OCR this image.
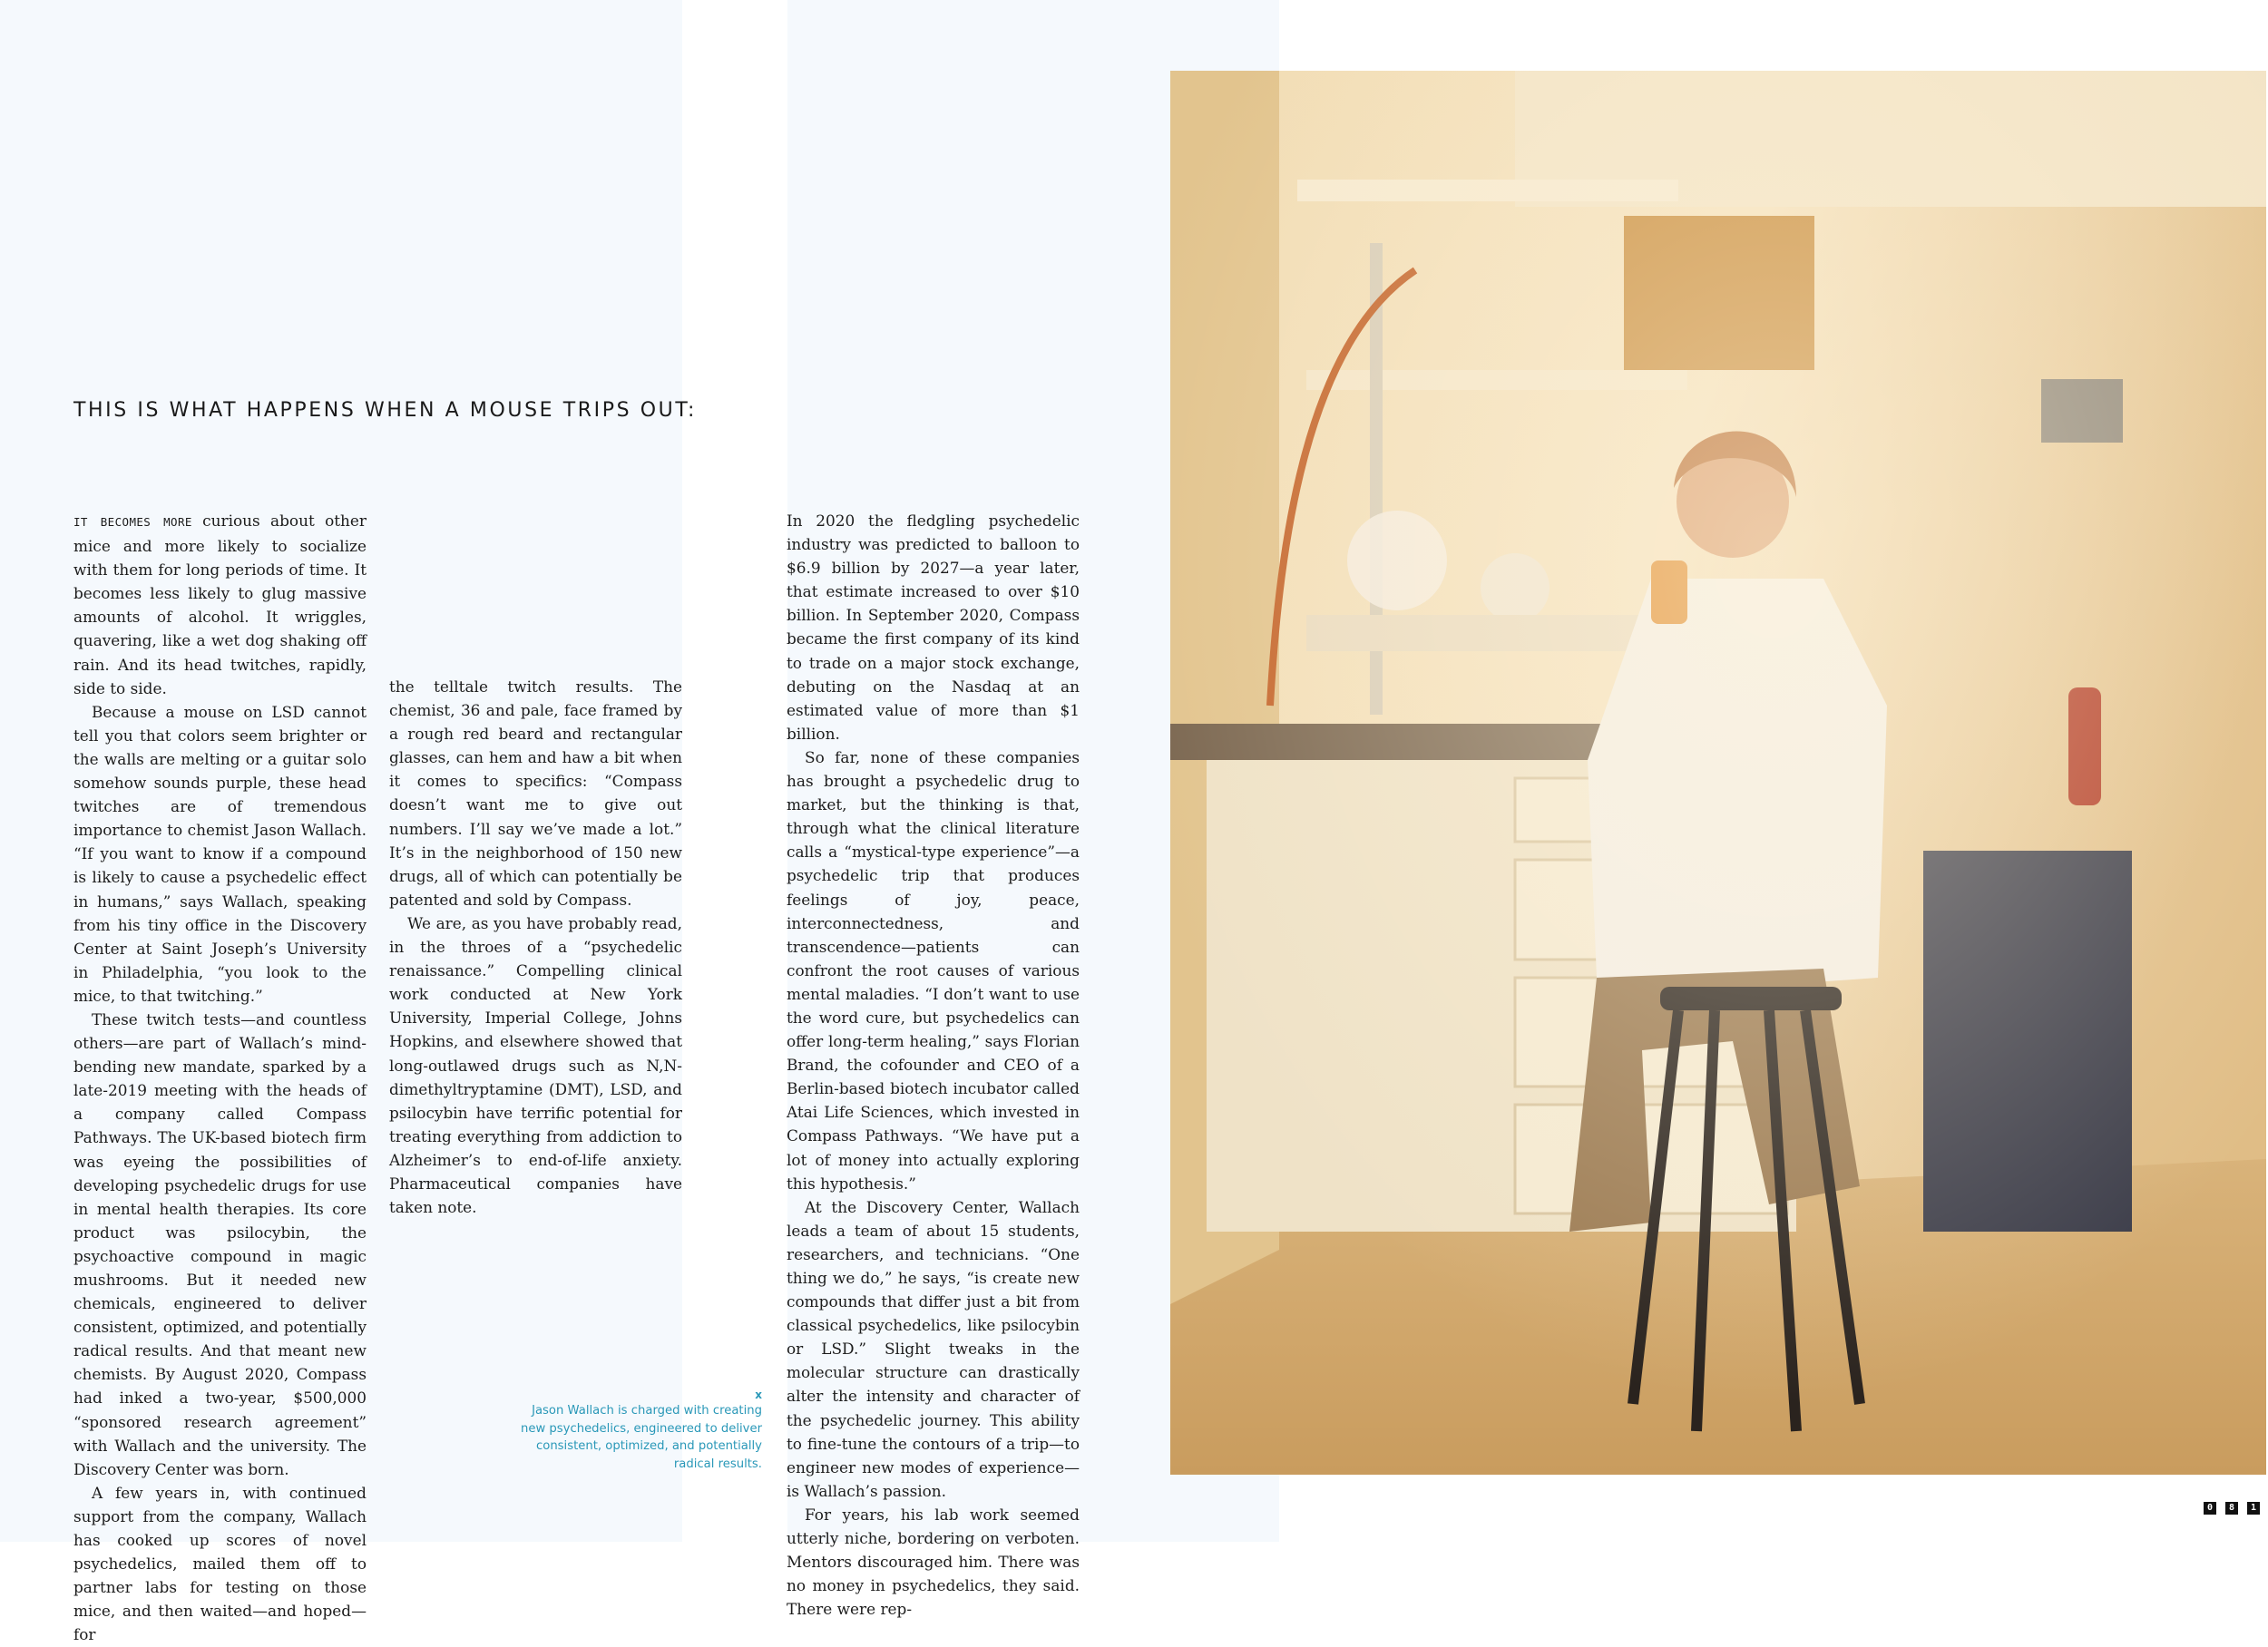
THIS IS WHAT HAPPENS WHEN A MOUSE TRIPS OUT:

IT BECOMES MORE curious about other mice and more likely to socialize with them for long periods of time. It becomes less likely to glug massive amounts of alcohol. It wriggles, quavering, like a wet dog shaking off rain. And its head twitches, rapidly, side to side.

Because a mouse on LSD cannot tell you that colors seem brighter or the walls are melting or a guitar solo somehow sounds purple, these head twitches are of tremendous importance to chemist Jason Wallach. “If you want to know if a compound is likely to cause a psychedelic effect in humans,” says Wallach, speaking from his tiny office in the Discovery Center at Saint Joseph’s University in Philadelphia, “you look to the mice, to that twitching.”

These twitch tests—and countless others—are part of Wallach’s mind-bending new mandate, sparked by a late-2019 meeting with the heads of a company called Compass Pathways. The UK-based biotech firm was eyeing the possibilities of developing psychedelic drugs for use in mental health therapies. Its core product was psilocybin, the psychoactive compound in magic mushrooms. But it needed new chemicals, engineered to deliver consistent, optimized, and potentially radical results. And that meant new chemists. By August 2020, Compass had inked a two-year, $500,000 “sponsored research agreement” with Wallach and the university. The Discovery Center was born.

A few years in, with continued support from the company, Wallach has cooked up scores of novel psychedelics, mailed them off to partner labs for testing on those mice, and then waited—and hoped—for

the telltale twitch results. The chemist, 36 and pale, face framed by a rough red beard and rectangular glasses, can hem and haw a bit when it comes to specifics: “Compass doesn’t want me to give out numbers. I’ll say we’ve made a lot.” It’s in the neighborhood of 150 new drugs, all of which can potentially be patented and sold by Compass.

We are, as you have probably read, in the throes of a “psychedelic renaissance.” Compelling clinical work conducted at New York University, Imperial College, Johns Hopkins, and elsewhere showed that long-outlawed drugs such as N,N-dimethyltryptamine (DMT), LSD, and psilocybin have terrific potential for treating everything from addiction to Alzheimer’s to end-of-life anxiety. Pharmaceutical companies have taken note.

In 2020 the fledgling psychedelic industry was predicted to balloon to $6.9 billion by 2027—a year later, that estimate increased to over $10 billion. In September 2020, Compass became the first company of its kind to trade on a major stock exchange, debuting on the Nasdaq at an estimated value of more than $1 billion.

So far, none of these companies has brought a psychedelic drug to market, but the thinking is that, through what the clinical literature calls a “mystical-type experience”—a psychedelic trip that produces feelings of joy, peace, interconnectedness, and transcendence—patients can confront the root causes of various mental maladies. “I don’t want to use the word cure, but psychedelics can offer long-term healing,” says Florian Brand, the cofounder and CEO of a Berlin-based biotech incubator called Atai Life Sciences, which invested in Compass Pathways. “We have put a lot of money into actually exploring this hypothesis.”

At the Discovery Center, Wallach leads a team of about 15 students, researchers, and technicians. “One thing we do,” he says, “is create new compounds that differ just a bit from classical psychedelics, like psilocybin or LSD.” Slight tweaks in the molecular structure can drastically alter the intensity and character of the psychedelic journey. This ability to fine-tune the contours of a trip—to engineer new modes of experience—is Wallach’s passion.

For years, his lab work seemed utterly niche, bordering on verboten. Mentors discouraged him. There was no money in psychedelics, they said. There were rep-

x
Jason Wallach is charged with creating new psychedelics, engineered to deliver consistent, optimized, and potentially radical results.
0	8	1
